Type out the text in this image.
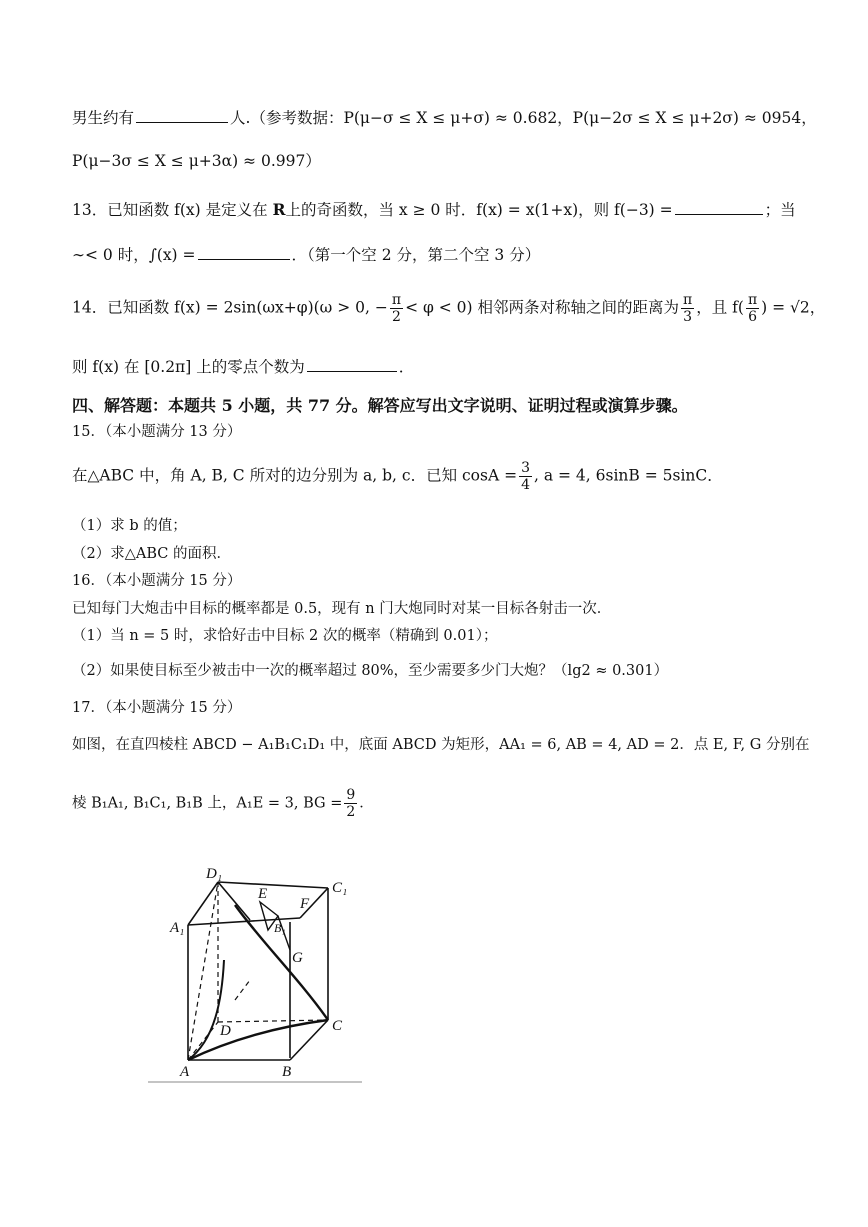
男生约有	人.（参考数据：P(μ−σ ≤ X ≤ μ+σ) ≈ 0.682，P(μ−2σ ≤ X ≤ μ+2σ) ≈ 0954，
P(μ−3σ ≤ X ≤ μ+3α) ≈ 0.997）
13．已知函数 f(x) 是定义在 R上的奇函数，当 x ≥ 0 时．f(x) = x(1+x)，则 f(−3) =	；当
∼< 0 时，∫(x) =	．（第一个空 2 分，第二个空 3 分）
14．已知函数 f(x) = 2sin(ωx+φ)(ω > 0, − $\frac{\pi}{2} < \varphi < 0$) 相邻两条对称轴之间的距离为 $\frac{\pi}{3}$ ，且 $f( \frac{\pi}{6}$ ) = √2，
则 f(x) 在 [0.2π] 上的零点个数为	．
四、解答题：本题共 5 小题，共 77 分。解答应写出文字说明、证明过程或演算步骤。
15．（本小题满分 13 分）
在△ABC 中，角 A, B, C 所对的边分别为 a, b, c．已知 $\cos A = \frac{3}{4}$ , a = 4, 6sinB = 5sinC．
（1）求 b 的值；
（2）求△ABC 的面积．
16．（本小题满分 15 分）
已知每门大炮击中目标的概率都是 0.5，现有 n 门大炮同时对某一目标各射击一次．
（1）当 n = 5 时，求恰好击中目标 2 次的概率（精确到 0.01）；
（2）如果使目标至少被击中一次的概率超过 80%，至少需要多少门大炮？（lg2 ≈ 0.301）
17．（本小题满分 15 分）
如图，在直四棱柱 ABCD − A₁B₁C₁D₁ 中，底面 ABCD 为矩形，AA₁ = 6, AB = 4, AD = 2．点 E, F, G 分别在
棱 B₁A₁, B₁C₁, B₁B 上，A₁E = 3, BG = $\frac{9}{2}$ ．
D₁
C₁
A₁
E
F
B₁
G
D	C
A	B
